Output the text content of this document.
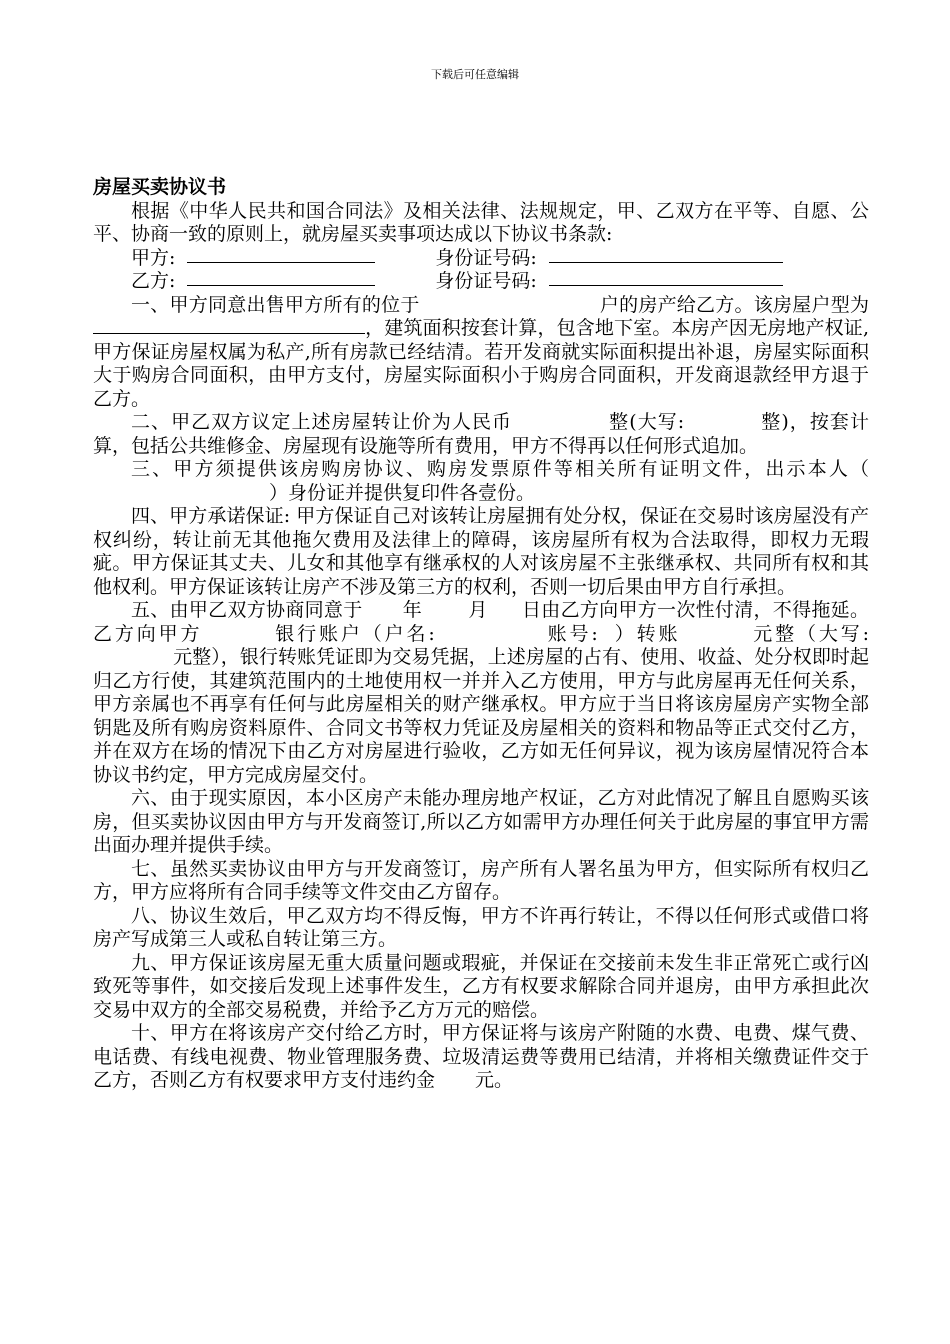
下载后可任意编辑
房屋买卖协议书

根据《中华人民共和国合同法》及相关法律、法规规定，甲、乙双方在平等、自愿、公平、协商一致的原则上，就房屋买卖事项达成以下协议书条款:

甲方:	身份证号码:

乙方:	身份证号码:

一、甲方同意出售甲方所有的位于	户的房产给乙方。该房屋户型为，建筑面积按套计算，包含地下室。本房产因无房地产权证,甲方保证房屋权属为私产,所有房款已经结清。若开发商就实际面积提出补退，房屋实际面积大于购房合同面积，由甲方支付，房屋实际面积小于购房合同面积，开发商退款经甲方退于乙方。

二、甲乙双方议定上述房屋转让价为人民币	整(大写:	整)，按套计算，包括公共维修金、房屋现有设施等所有费用，甲方不得再以任何形式追加。

三、甲方须提供该房购房协议、购房发票原件等相关所有证明文件，出示本人（）身份证并提供复印件各壹份。

四、甲方承诺保证: 甲方保证自己对该转让房屋拥有处分权，保证在交易时该房屋没有产权纠纷，转让前无其他拖欠费用及法律上的障碍，该房屋所有权为合法取得，即权力无瑕疵。甲方保证其丈夫、儿女和其他享有继承权的人对该房屋不主张继承权、共同所有权和其他权利。甲方保证该转让房产不涉及第三方的权利，否则一切后果由甲方自行承担。

五、由甲乙双方协商同意于 年 月 日由乙方向甲方一次性付清，不得拖延。乙方向甲方	银行账户（户名:	账号: ）转账	元整（大写:元整），银行转账凭证即为交易凭据，上述房屋的占有、使用、收益、处分权即时起归乙方行使，其建筑范围内的土地使用权一并并入乙方使用，甲方与此房屋再无任何关系，甲方亲属也不再享有任何与此房屋相关的财产继承权。甲方应于当日将该房屋房产实物全部钥匙及所有购房资料原件、合同文书等权力凭证及房屋相关的资料和物品等正式交付乙方，并在双方在场的情况下由乙方对房屋进行验收，乙方如无任何异议，视为该房屋情况符合本协议书约定，甲方完成房屋交付。

六、由于现实原因，本小区房产未能办理房地产权证，乙方对此情况了解且自愿购买该房，但买卖协议因由甲方与开发商签订,所以乙方如需甲方办理任何关于此房屋的事宜甲方需出面办理并提供手续。

七、虽然买卖协议由甲方与开发商签订，房产所有人署名虽为甲方，但实际所有权归乙方，甲方应将所有合同手续等文件交由乙方留存。

八、协议生效后，甲乙双方均不得反悔，甲方不许再行转让，不得以任何形式或借口将房产写成第三人或私自转让第三方。

九、甲方保证该房屋无重大质量问题或瑕疵，并保证在交接前未发生非正常死亡或行凶致死等事件，如交接后发现上述事件发生，乙方有权要求解除合同并退房，由甲方承担此次交易中双方的全部交易税费，并给予乙方万元的赔偿。

十、甲方在将该房产交付给乙方时，甲方保证将与该房产附随的水费、电费、煤气费、电话费、有线电视费、物业管理服务费、垃圾清运费等费用已结清，并将相关缴费证件交于乙方，否则乙方有权要求甲方支付违约金 元。
